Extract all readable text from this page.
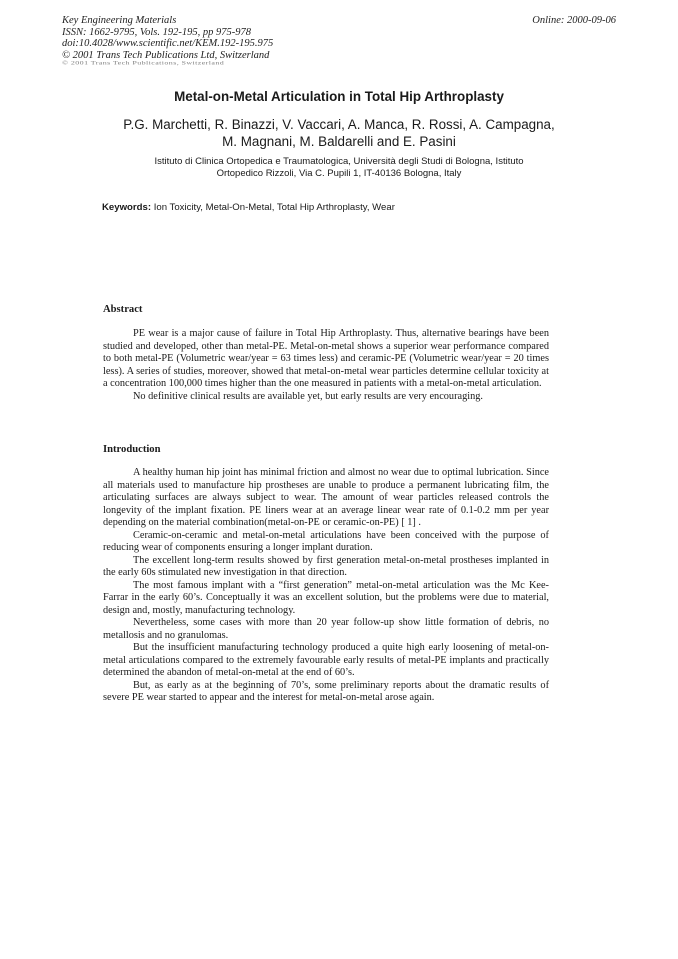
Key Engineering Materials
ISSN: 1662-9795, Vols. 192-195, pp 975-978
doi:10.4028/www.scientific.net/KEM.192-195.975
© 2001 Trans Tech Publications Ltd, Switzerland
Online: 2000-09-06
© 2001 Trans Tech Publications, Switzerland
Metal-on-Metal Articulation in Total Hip Arthroplasty
P.G. Marchetti, R. Binazzi, V. Vaccari, A. Manca, R. Rossi, A. Campagna,
M. Magnani, M. Baldarelli and E. Pasini
Istituto di Clinica Ortopedica e Traumatologica, Università degli Studi di Bologna, Istituto
Ortopedico Rizzoli, Via C. Pupili 1, IT-40136 Bologna, Italy
Keywords: Ion Toxicity, Metal-On-Metal, Total Hip Arthroplasty, Wear
Abstract

PE wear is a major cause of failure in Total Hip Arthroplasty. Thus, alternative bearings have been studied and developed, other than metal-PE. Metal-on-metal shows a superior wear performance compared to both metal-PE (Volumetric wear/year = 63 times less) and ceramic-PE (Volumetric wear/year = 20 times less). A series of studies, moreover, showed that metal-on-metal wear particles determine cellular toxicity at a concentration 100,000 times higher than the one measured in patients with a metal-on-metal articulation.

No definitive clinical results are available yet, but early results are very encouraging.

Introduction

A healthy human hip joint has minimal friction and almost no wear due to optimal lubrication. Since all materials used to manufacture hip prostheses are unable to produce a permanent lubricating film, the articulating surfaces are always subject to wear. The amount of wear particles released controls the longevity of the implant fixation. PE liners wear at an average linear wear rate of 0.1-0.2 mm per year depending on the material combination(metal-on-PE or ceramic-on-PE) [ 1] .

Ceramic-on-ceramic and metal-on-metal articulations have been conceived with the purpose of reducing wear of components ensuring a longer implant duration.

The excellent long-term results showed by first generation metal-on-metal prostheses implanted in the early 60s stimulated new investigation in that direction.

The most famous implant with a “first generation” metal-on-metal articulation was the Mc Kee-Farrar in the early 60’s. Conceptually it was an excellent solution, but the problems were due to material, design and, mostly, manufacturing technology.

Nevertheless, some cases with more than 20 year follow-up show little formation of debris, no metallosis and no granulomas.

But the insufficient manufacturing technology produced a quite high early loosening of metal-on-metal articulations compared to the extremely favourable early results of metal-PE implants and practically determined the abandon of metal-on-metal at the end of 60’s.

But, as early as at the beginning of 70’s, some preliminary reports about the dramatic results of severe PE wear started to appear and the interest for metal-on-metal arose again.
